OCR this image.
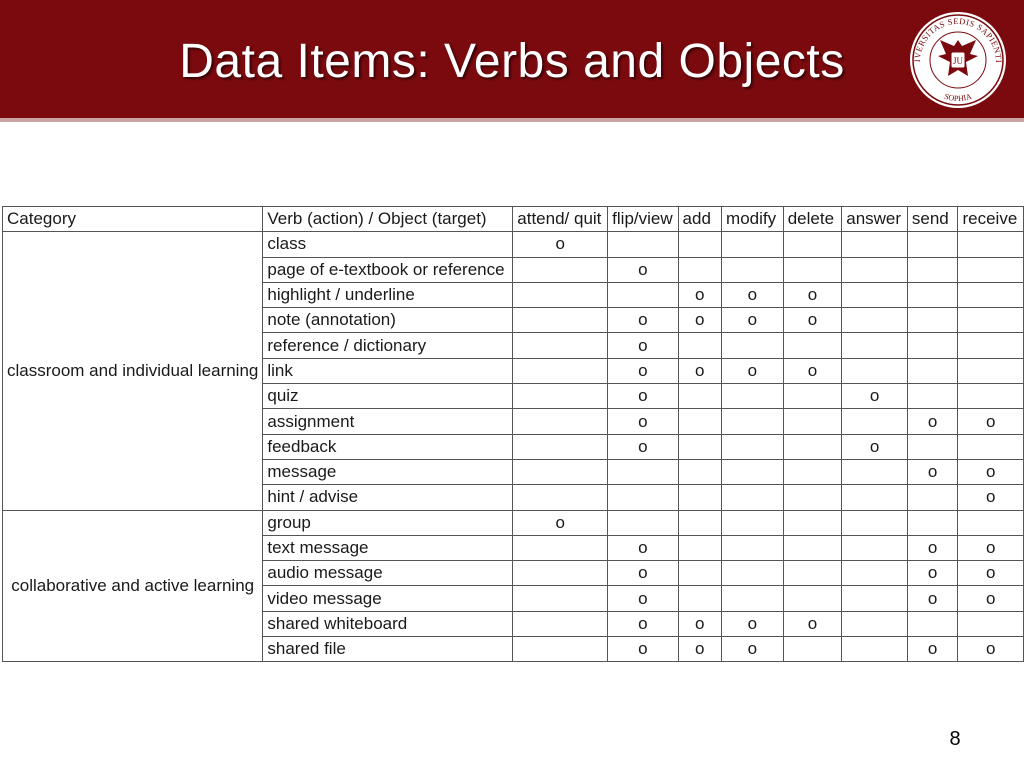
Data Items: Verbs and Objects	IVERSITAS SEDIS SAPIENTI
SOPHIA
JU
Category	Verb (action) / Object (target)	attend/ quit	flip/view	add	modify	delete	answer	send	receive
classroom and individual learning	class	o							
	page of e-textbook or reference		o						
	highlight / underline			o	o	o			
	note (annotation)		o	o	o	o			
	reference / dictionary		o						
	link		o	o	o	o			
	quiz		o				o		
	assignment		o					o	o
	feedback		o				o		
	message							o	o
	hint / advise								o
collaborative and active learning	group	o							
	text message		o					o	o
	audio message		o					o	o
	video message		o					o	o
	shared whiteboard		o	o	o	o			
	shared file		o	o	o			o	o
8
